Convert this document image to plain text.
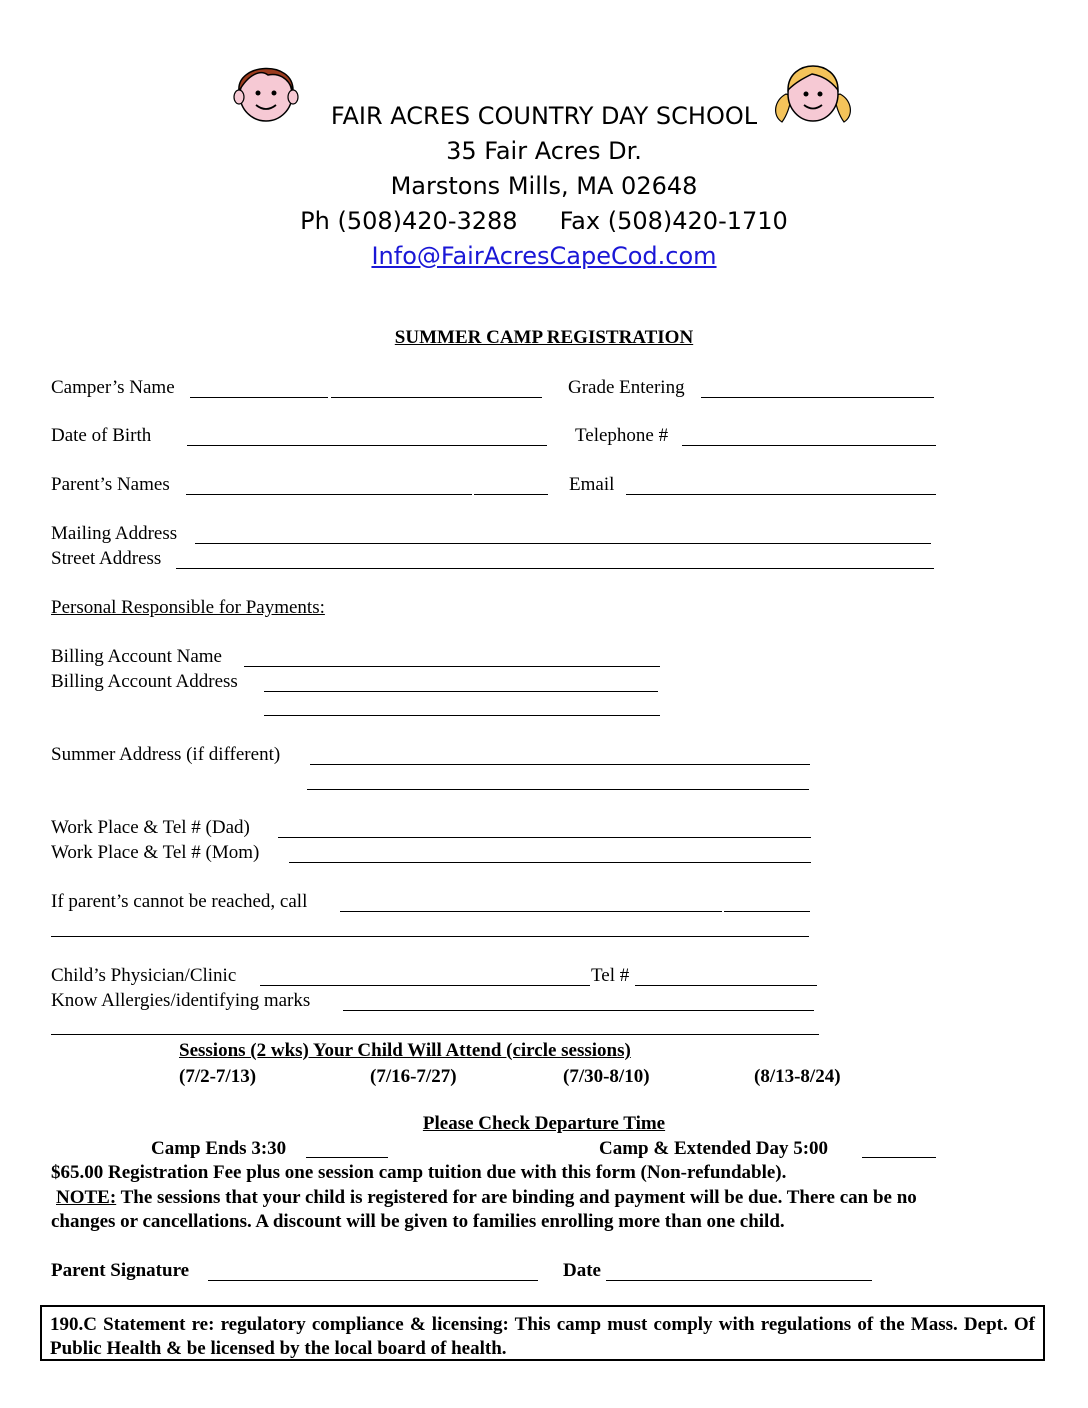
FAIR ACRES COUNTRY DAY SCHOOL
35 Fair Acres Dr.
Marstons Mills, MA 02648
Ph (508)420-3288 Fax (508)420-1710
Info@FairAcresCapeCod.com
SUMMER CAMP REGISTRATION
Camper’s Name	Grade Entering
Date of Birth	Telephone #
Parent’s Names	Email
Mailing Address
Street Address
Personal Responsible for Payments:
Billing Account Name
Billing Account Address
Summer Address (if different)
Work Place & Tel # (Dad)
Work Place & Tel # (Mom)
If parent’s cannot be reached, call
Child’s Physician/Clinic	Tel #
Know Allergies/identifying marks
Sessions (2 wks) Your Child Will Attend (circle sessions)
(7/2-7/13)	(7/16-7/27)	(7/30-8/10)	(8/13-8/24)
Please Check Departure Time
Camp Ends 3:30	Camp & Extended Day 5:00
$65.00 Registration Fee plus one session camp tuition due with this form (Non-refundable).
NOTE: The sessions that your child is registered for are binding and payment will be due. There can be no
changes or cancellations. A discount will be given to families enrolling more than one child.
Parent Signature	Date
190.C Statement re: regulatory compliance & licensing: This camp must comply with regulations of the Mass. Dept. Of Public Health & be licensed by the local board of health.
